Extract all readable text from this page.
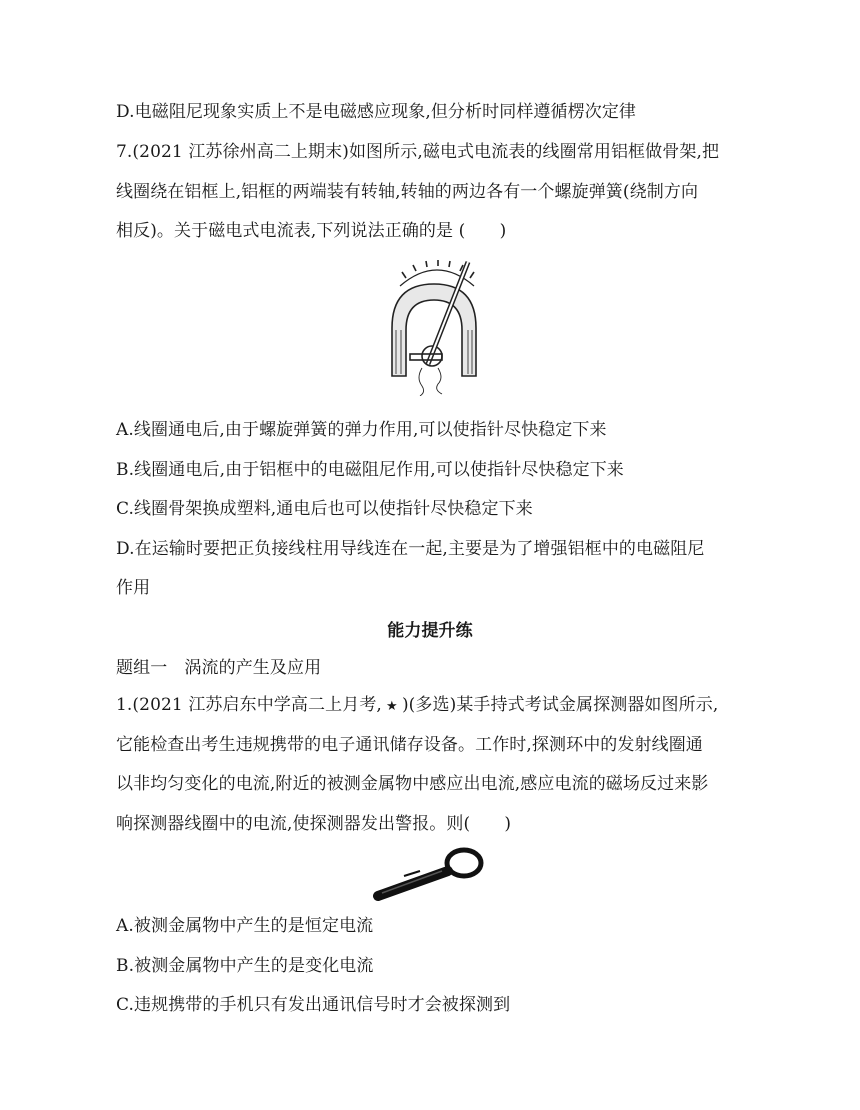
D.电磁阻尼现象实质上不是电磁感应现象,但分析时同样遵循楞次定律
7.(2021 江苏徐州高二上期末)如图所示,磁电式电流表的线圈常用铝框做骨架,把
线圈绕在铝框上,铝框的两端装有转轴,转轴的两边各有一个螺旋弹簧(绕制方向
相反)。关于磁电式电流表,下列说法正确的是 (　　)
A.线圈通电后,由于螺旋弹簧的弹力作用,可以使指针尽快稳定下来
B.线圈通电后,由于铝框中的电磁阻尼作用,可以使指针尽快稳定下来
C.线圈骨架换成塑料,通电后也可以使指针尽快稳定下来
D.在运输时要把正负接线柱用导线连在一起,主要是为了增强铝框中的电磁阻尼
作用
能力提升练
题组一　涡流的产生及应用
1.(2021 江苏启东中学高二上月考, ★ )(多选)某手持式考试金属探测器如图所示,
它能检查出考生违规携带的电子通讯储存设备。工作时,探测环中的发射线圈通
以非均匀变化的电流,附近的被测金属物中感应出电流,感应电流的磁场反过来影
响探测器线圈中的电流,使探测器发出警报。则(　　)
A.被测金属物中产生的是恒定电流
B.被测金属物中产生的是变化电流
C.违规携带的手机只有发出通讯信号时才会被探测到
